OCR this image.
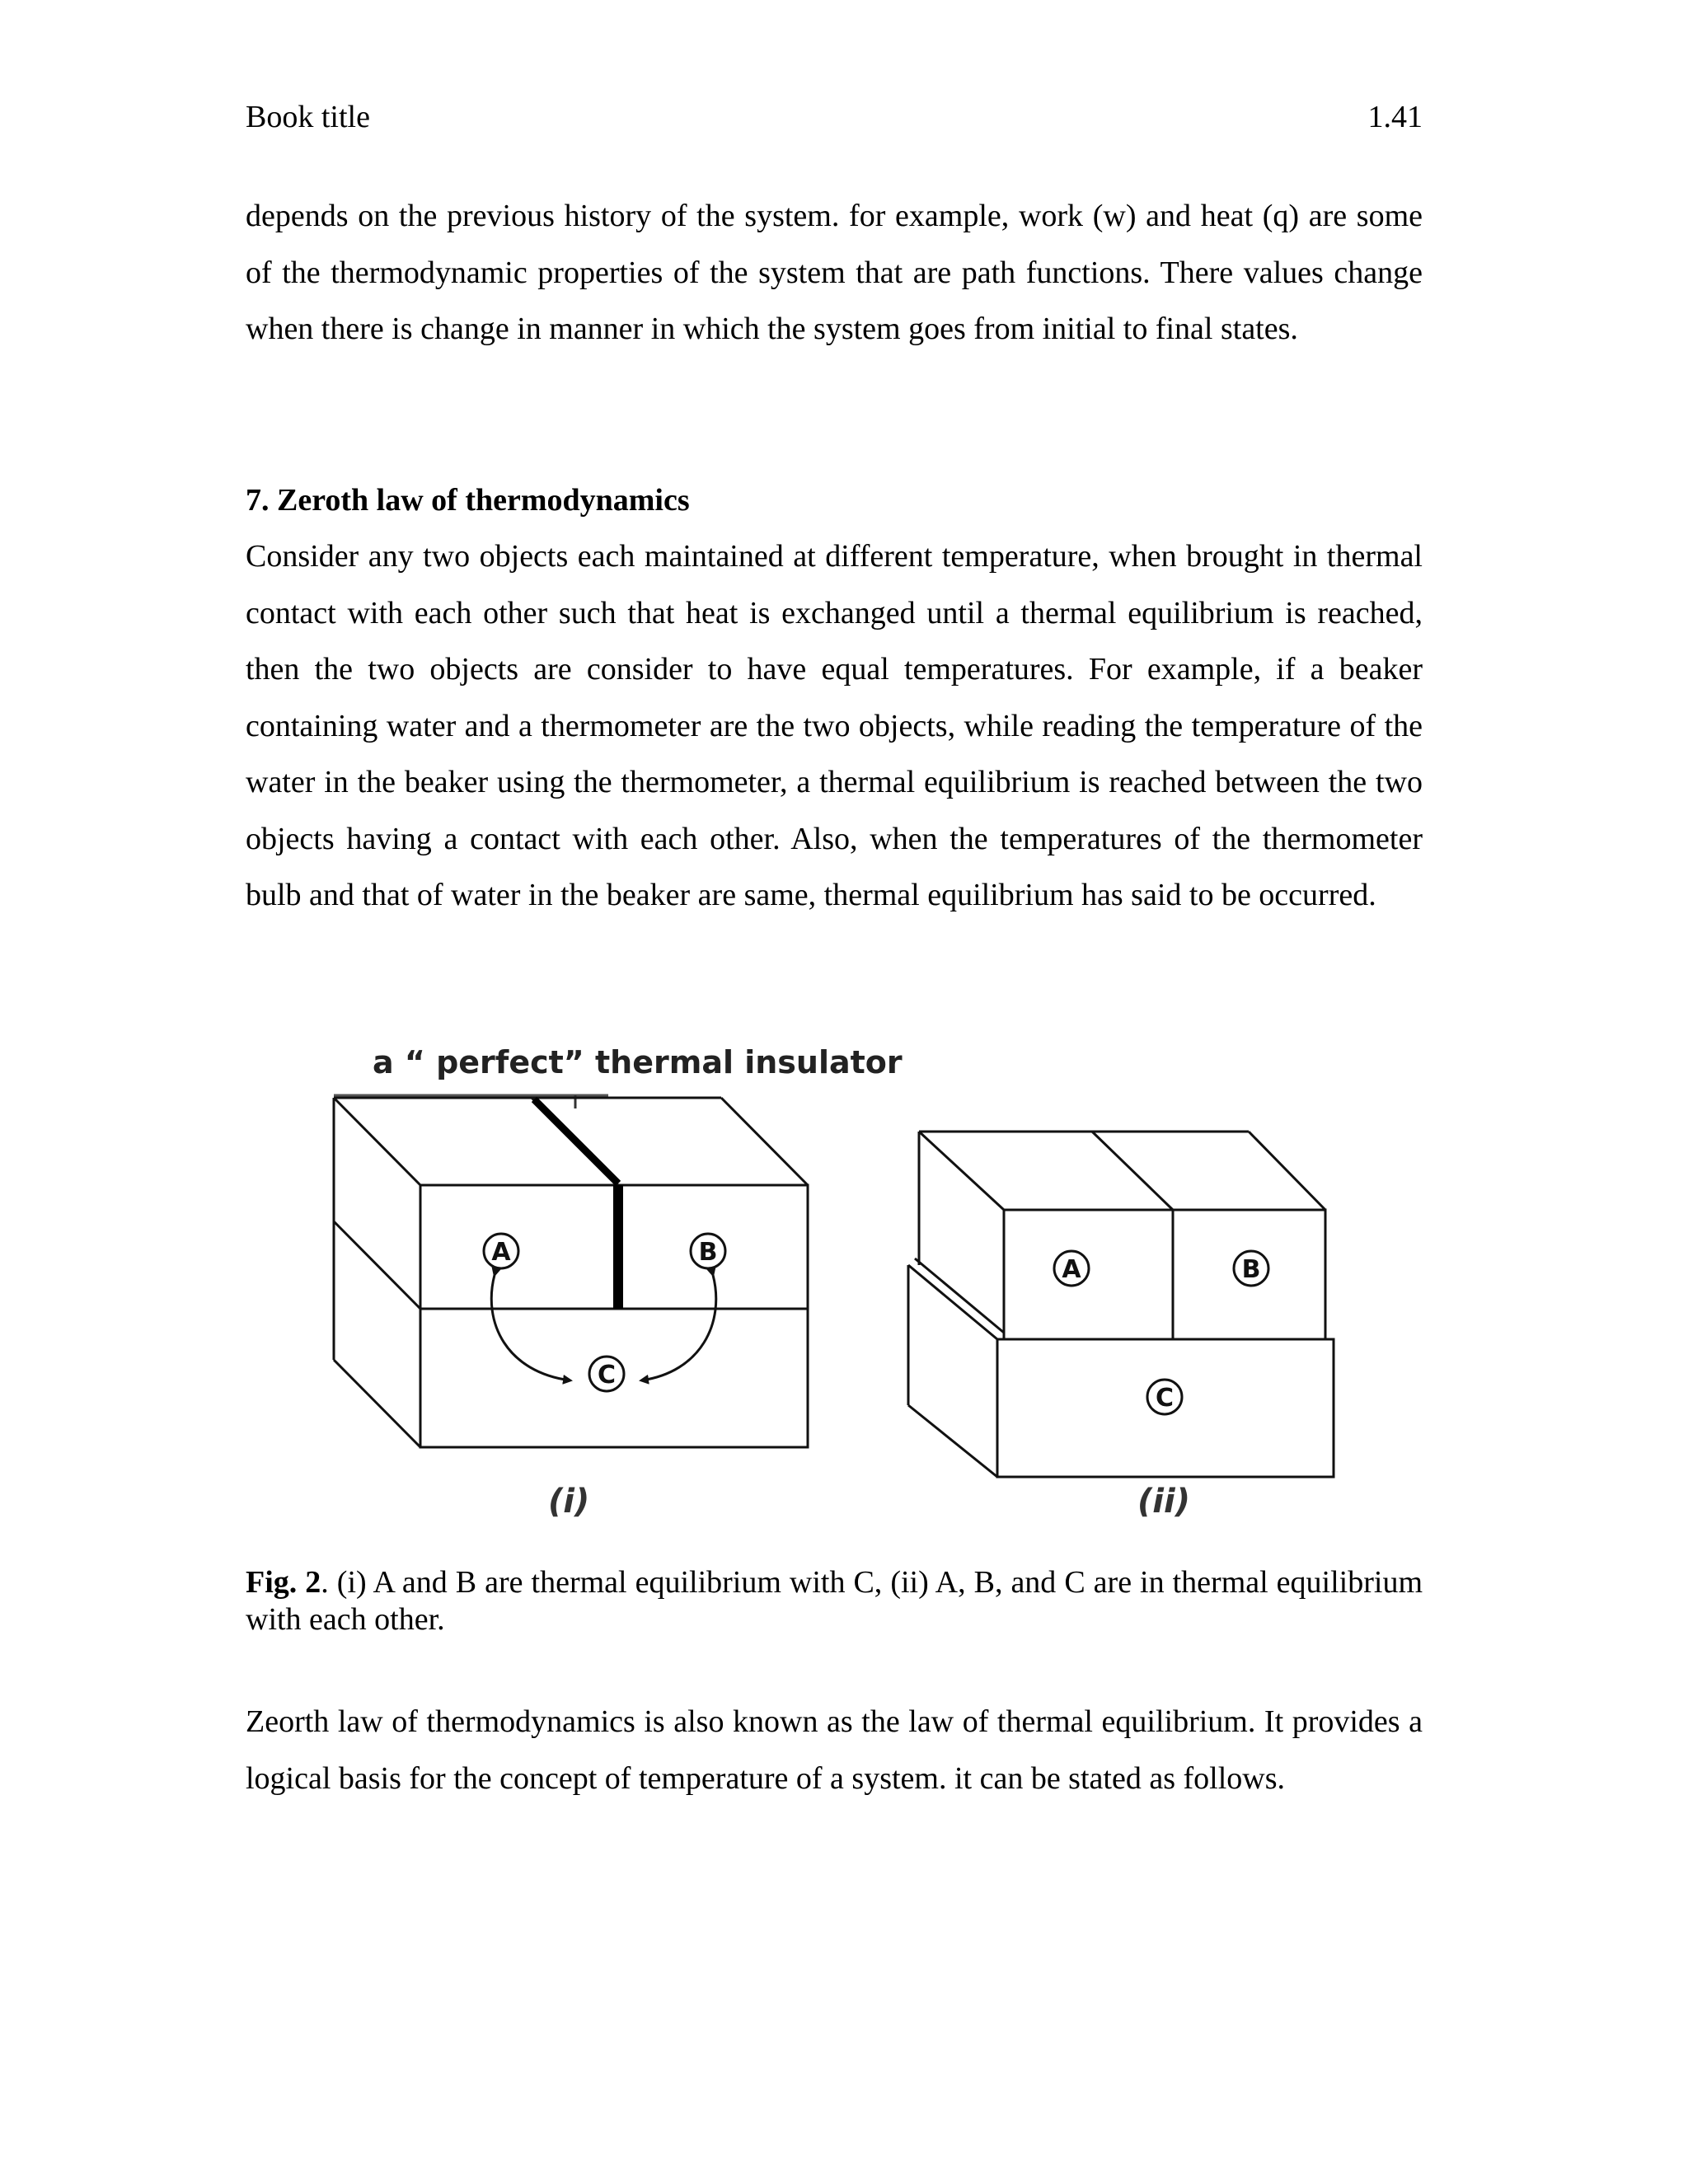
Book title	1.41

depends on the previous history of the system. for example, work (w) and heat (q) are some of the thermodynamic properties of the system that are path functions. There values change when there is change in manner in which the system goes from initial to final states.

7. Zeroth law of thermodynamics

Consider any two objects each maintained at different temperature, when brought in thermal contact with each other such that heat is exchanged until a thermal equilibrium is reached, then the two objects are consider to have equal temperatures. For example, if a beaker containing water and a thermometer are the two objects, while reading the temperature of the water in the beaker using the thermometer, a thermal equilibrium is reached between the two objects having a contact with each other. Also, when the temperatures of the thermometer bulb and that of water in the beaker are same, thermal equilibrium has said to be occurred.

a “ perfect” thermal insulator
A	B
C
(i)
A	B
C
(ii)

Fig. 2. (i) A and B are thermal equilibrium with C, (ii) A, B, and C are in thermal equilibrium with each other.

Zeorth law of thermodynamics is also known as the law of thermal equilibrium. It provides a logical basis for the concept of temperature of a system. it can be stated as follows.
